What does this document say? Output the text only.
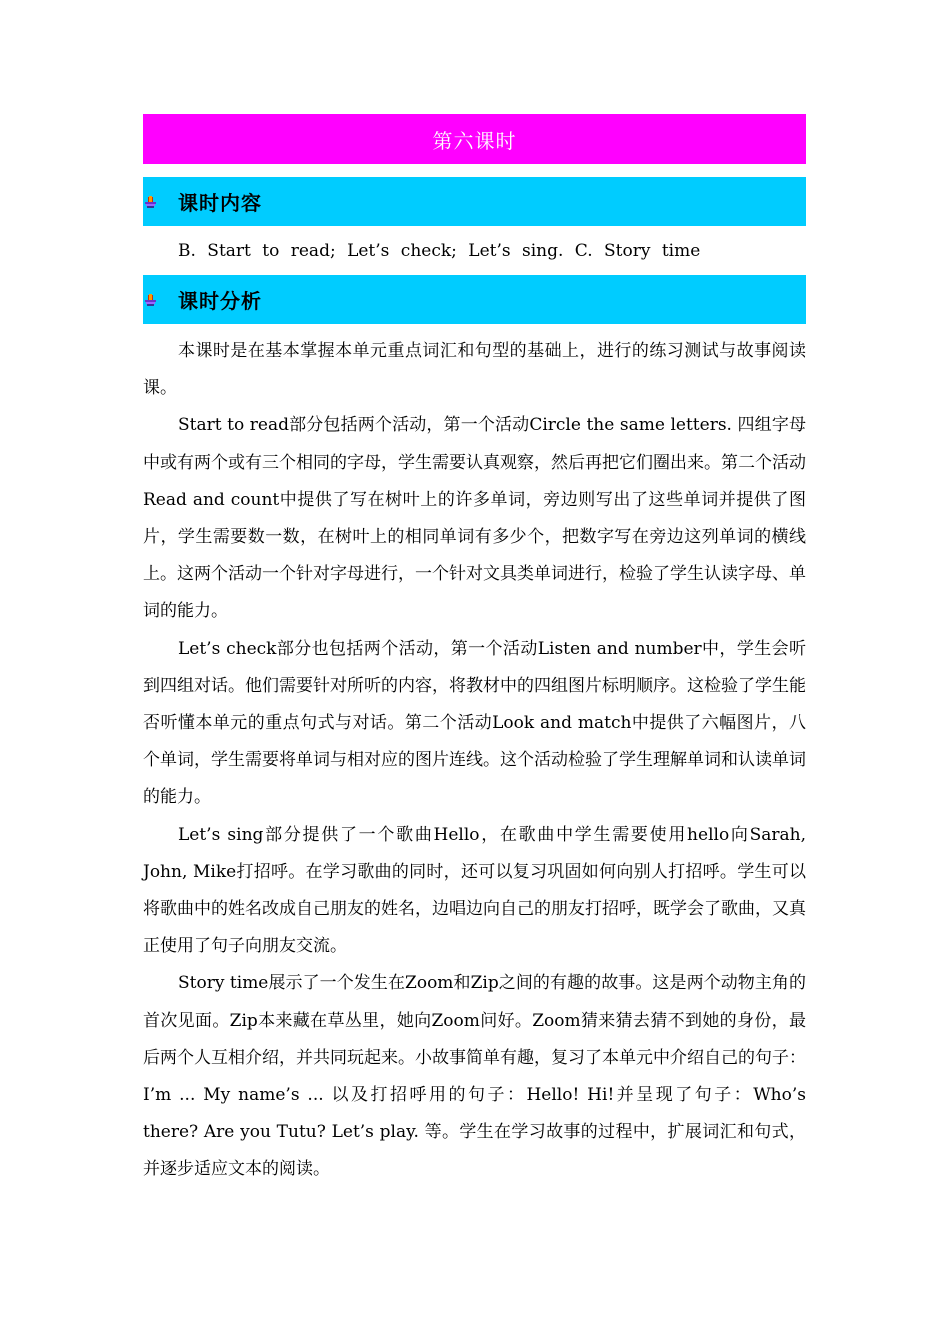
第六课时
课时内容
B. Start to read; Let’s check; Let’s sing. C. Story time
课时分析

本课时是在基本掌握本单元重点词汇和句型的基础上，进行的练习测试与故事阅读课。

Start to read部分包括两个活动，第一个活动Circle the same letters. 四组字母中或有两个或有三个相同的字母，学生需要认真观察，然后再把它们圈出来。第二个活动Read and count中提供了写在树叶上的许多单词，旁边则写出了这些单词并提供了图片，学生需要数一数，在树叶上的相同单词有多少个，把数字写在旁边这列单词的横线上。这两个活动一个针对字母进行，一个针对文具类单词进行，检验了学生认读字母、单词的能力。

Let’s check部分也包括两个活动，第一个活动Listen and number中，学生会听到四组对话。他们需要针对所听的内容，将教材中的四组图片标明顺序。这检验了学生能否听懂本单元的重点句式与对话。第二个活动Look and match中提供了六幅图片，八个单词，学生需要将单词与相对应的图片连线。这个活动检验了学生理解单词和认读单词的能力。

Let’s sing部分提供了一个歌曲Hello，在歌曲中学生需要使用hello向Sarah, John, Mike打招呼。在学习歌曲的同时，还可以复习巩固如何向别人打招呼。学生可以将歌曲中的姓名改成自己朋友的姓名，边唱边向自己的朋友打招呼，既学会了歌曲，又真正使用了句子向朋友交流。

Story time展示了一个发生在Zoom和Zip之间的有趣的故事。这是两个动物主角的首次见面。Zip本来藏在草丛里，她向Zoom问好。Zoom猜来猜去猜不到她的身份，最后两个人互相介绍，并共同玩起来。小故事简单有趣，复习了本单元中介绍自己的句子：I’m ... My name’s ... 以及打招呼用的句子：Hello! Hi!并呈现了句子：Who’s there? Are you Tutu? Let’s play. 等。学生在学习故事的过程中，扩展词汇和句式，并逐步适应文本的阅读。
